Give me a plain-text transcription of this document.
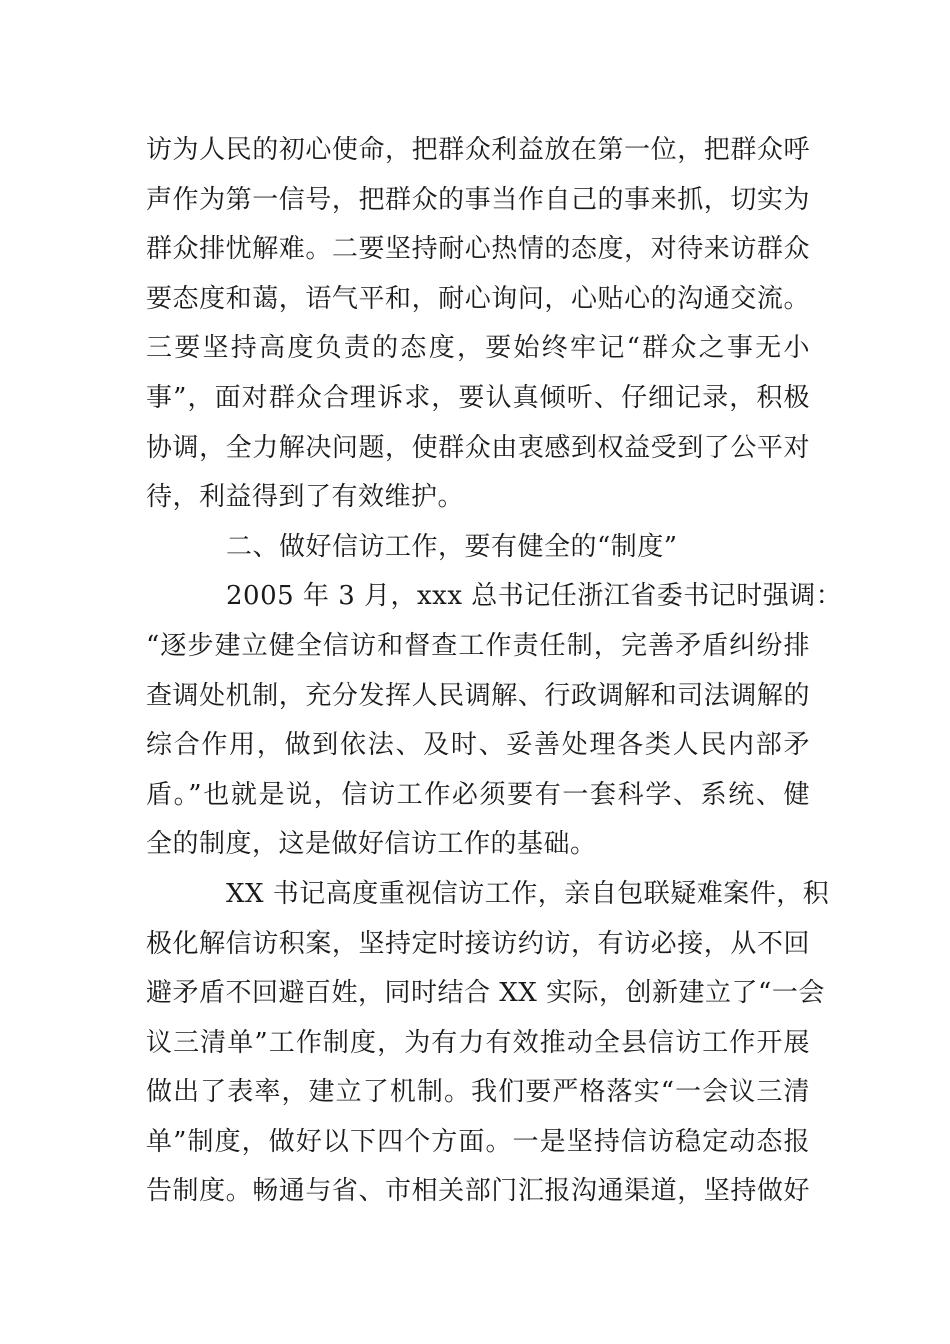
访为人民的初心使命，把群众利益放在第一位，把群众呼
声作为第一信号，把群众的事当作自己的事来抓，切实为
群众排忧解难。二要坚持耐心热情的态度，对待来访群众
要态度和蔼，语气平和，耐心询问，心贴心的沟通交流。
三要坚持高度负责的态度，要始终牢记“群众之事无小
事”，面对群众合理诉求，要认真倾听、仔细记录，积极
协调，全力解决问题，使群众由衷感到权益受到了公平对
待，利益得到了有效维护。
二、做好信访工作，要有健全的“制度”
2005 年 3 月，xxx 总书记任浙江省委书记时强调：
“逐步建立健全信访和督查工作责任制，完善矛盾纠纷排
查调处机制，充分发挥人民调解、行政调解和司法调解的
综合作用，做到依法、及时、妥善处理各类人民内部矛
盾。”也就是说，信访工作必须要有一套科学、系统、健
全的制度，这是做好信访工作的基础。
XX 书记高度重视信访工作，亲自包联疑难案件，积
极化解信访积案，坚持定时接访约访，有访必接，从不回
避矛盾不回避百姓，同时结合 XX 实际，创新建立了“一会
议三清单”工作制度，为有力有效推动全县信访工作开展
做出了表率，建立了机制。我们要严格落实“一会议三清
单”制度，做好以下四个方面。一是坚持信访稳定动态报
告制度。畅通与省、市相关部门汇报沟通渠道，坚持做好
